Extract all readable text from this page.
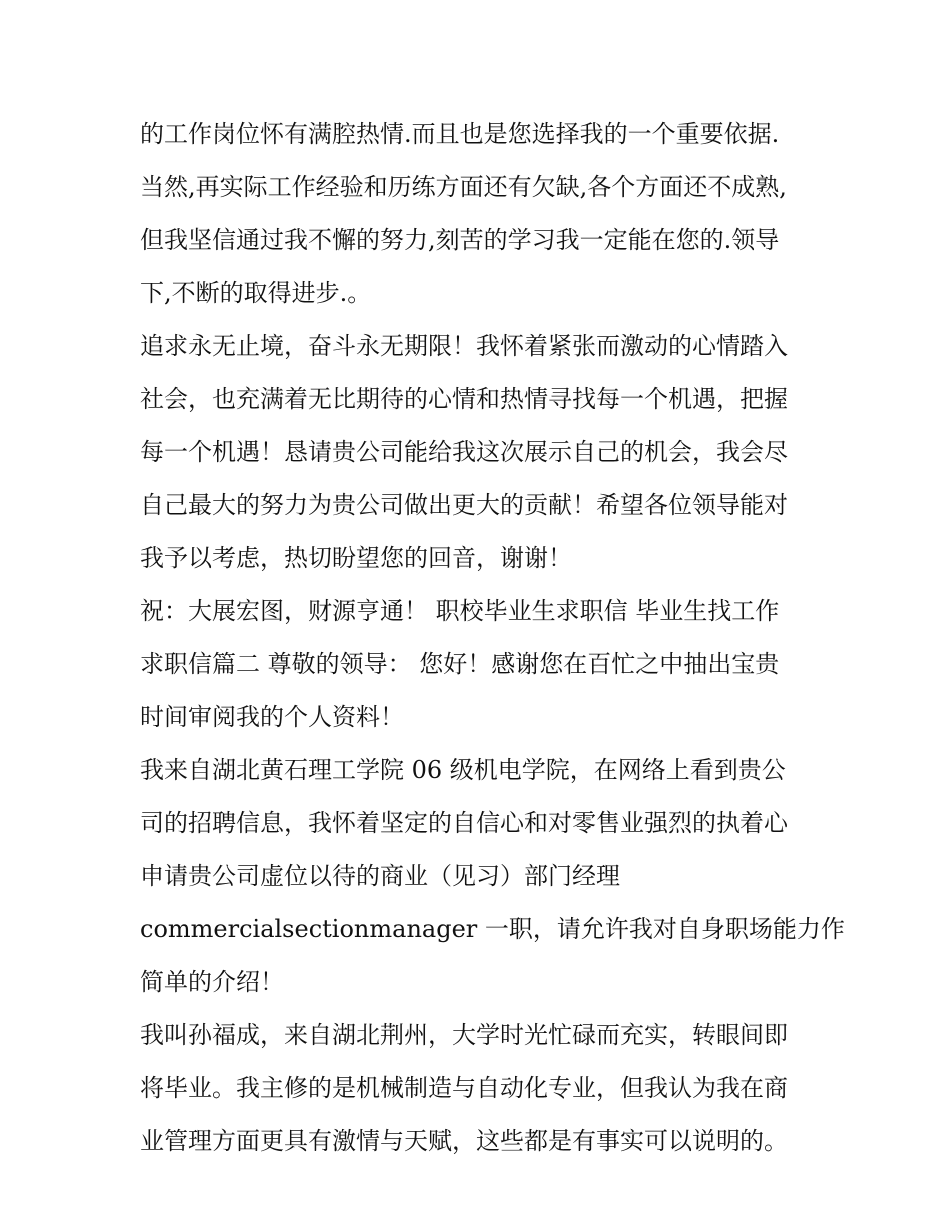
的工作岗位怀有满腔热情.而且也是您选择我的一个重要依据.
当然,再实际工作经验和历练方面还有欠缺,各个方面还不成熟,
但我坚信通过我不懈的努力,刻苦的学习我一定能在您的.领导
下,不断的取得进步.。
追求永无止境，奋斗永无期限！我怀着紧张而激动的心情踏入
社会，也充满着无比期待的心情和热情寻找每一个机遇，把握
每一个机遇！恳请贵公司能给我这次展示自己的机会，我会尽
自己最大的努力为贵公司做出更大的贡献！希望各位领导能对
我予以考虑，热切盼望您的回音，谢谢！
祝：大展宏图，财源亨通！ 职校毕业生求职信 毕业生找工作
求职信篇二 尊敬的领导： 您好！感谢您在百忙之中抽出宝贵
时间审阅我的个人资料！
我来自湖北黄石理工学院 06 级机电学院，在网络上看到贵公
司的招聘信息，我怀着坚定的自信心和对零售业强烈的执着心
申请贵公司虚位以待的商业（见习）部门经理
commercialsectionmanager 一职，请允许我对自身职场能力作
简单的介绍！
我叫孙福成，来自湖北荆州，大学时光忙碌而充实，转眼间即
将毕业。我主修的是机械制造与自动化专业，但我认为我在商
业管理方面更具有激情与天赋，这些都是有事实可以说明的。
